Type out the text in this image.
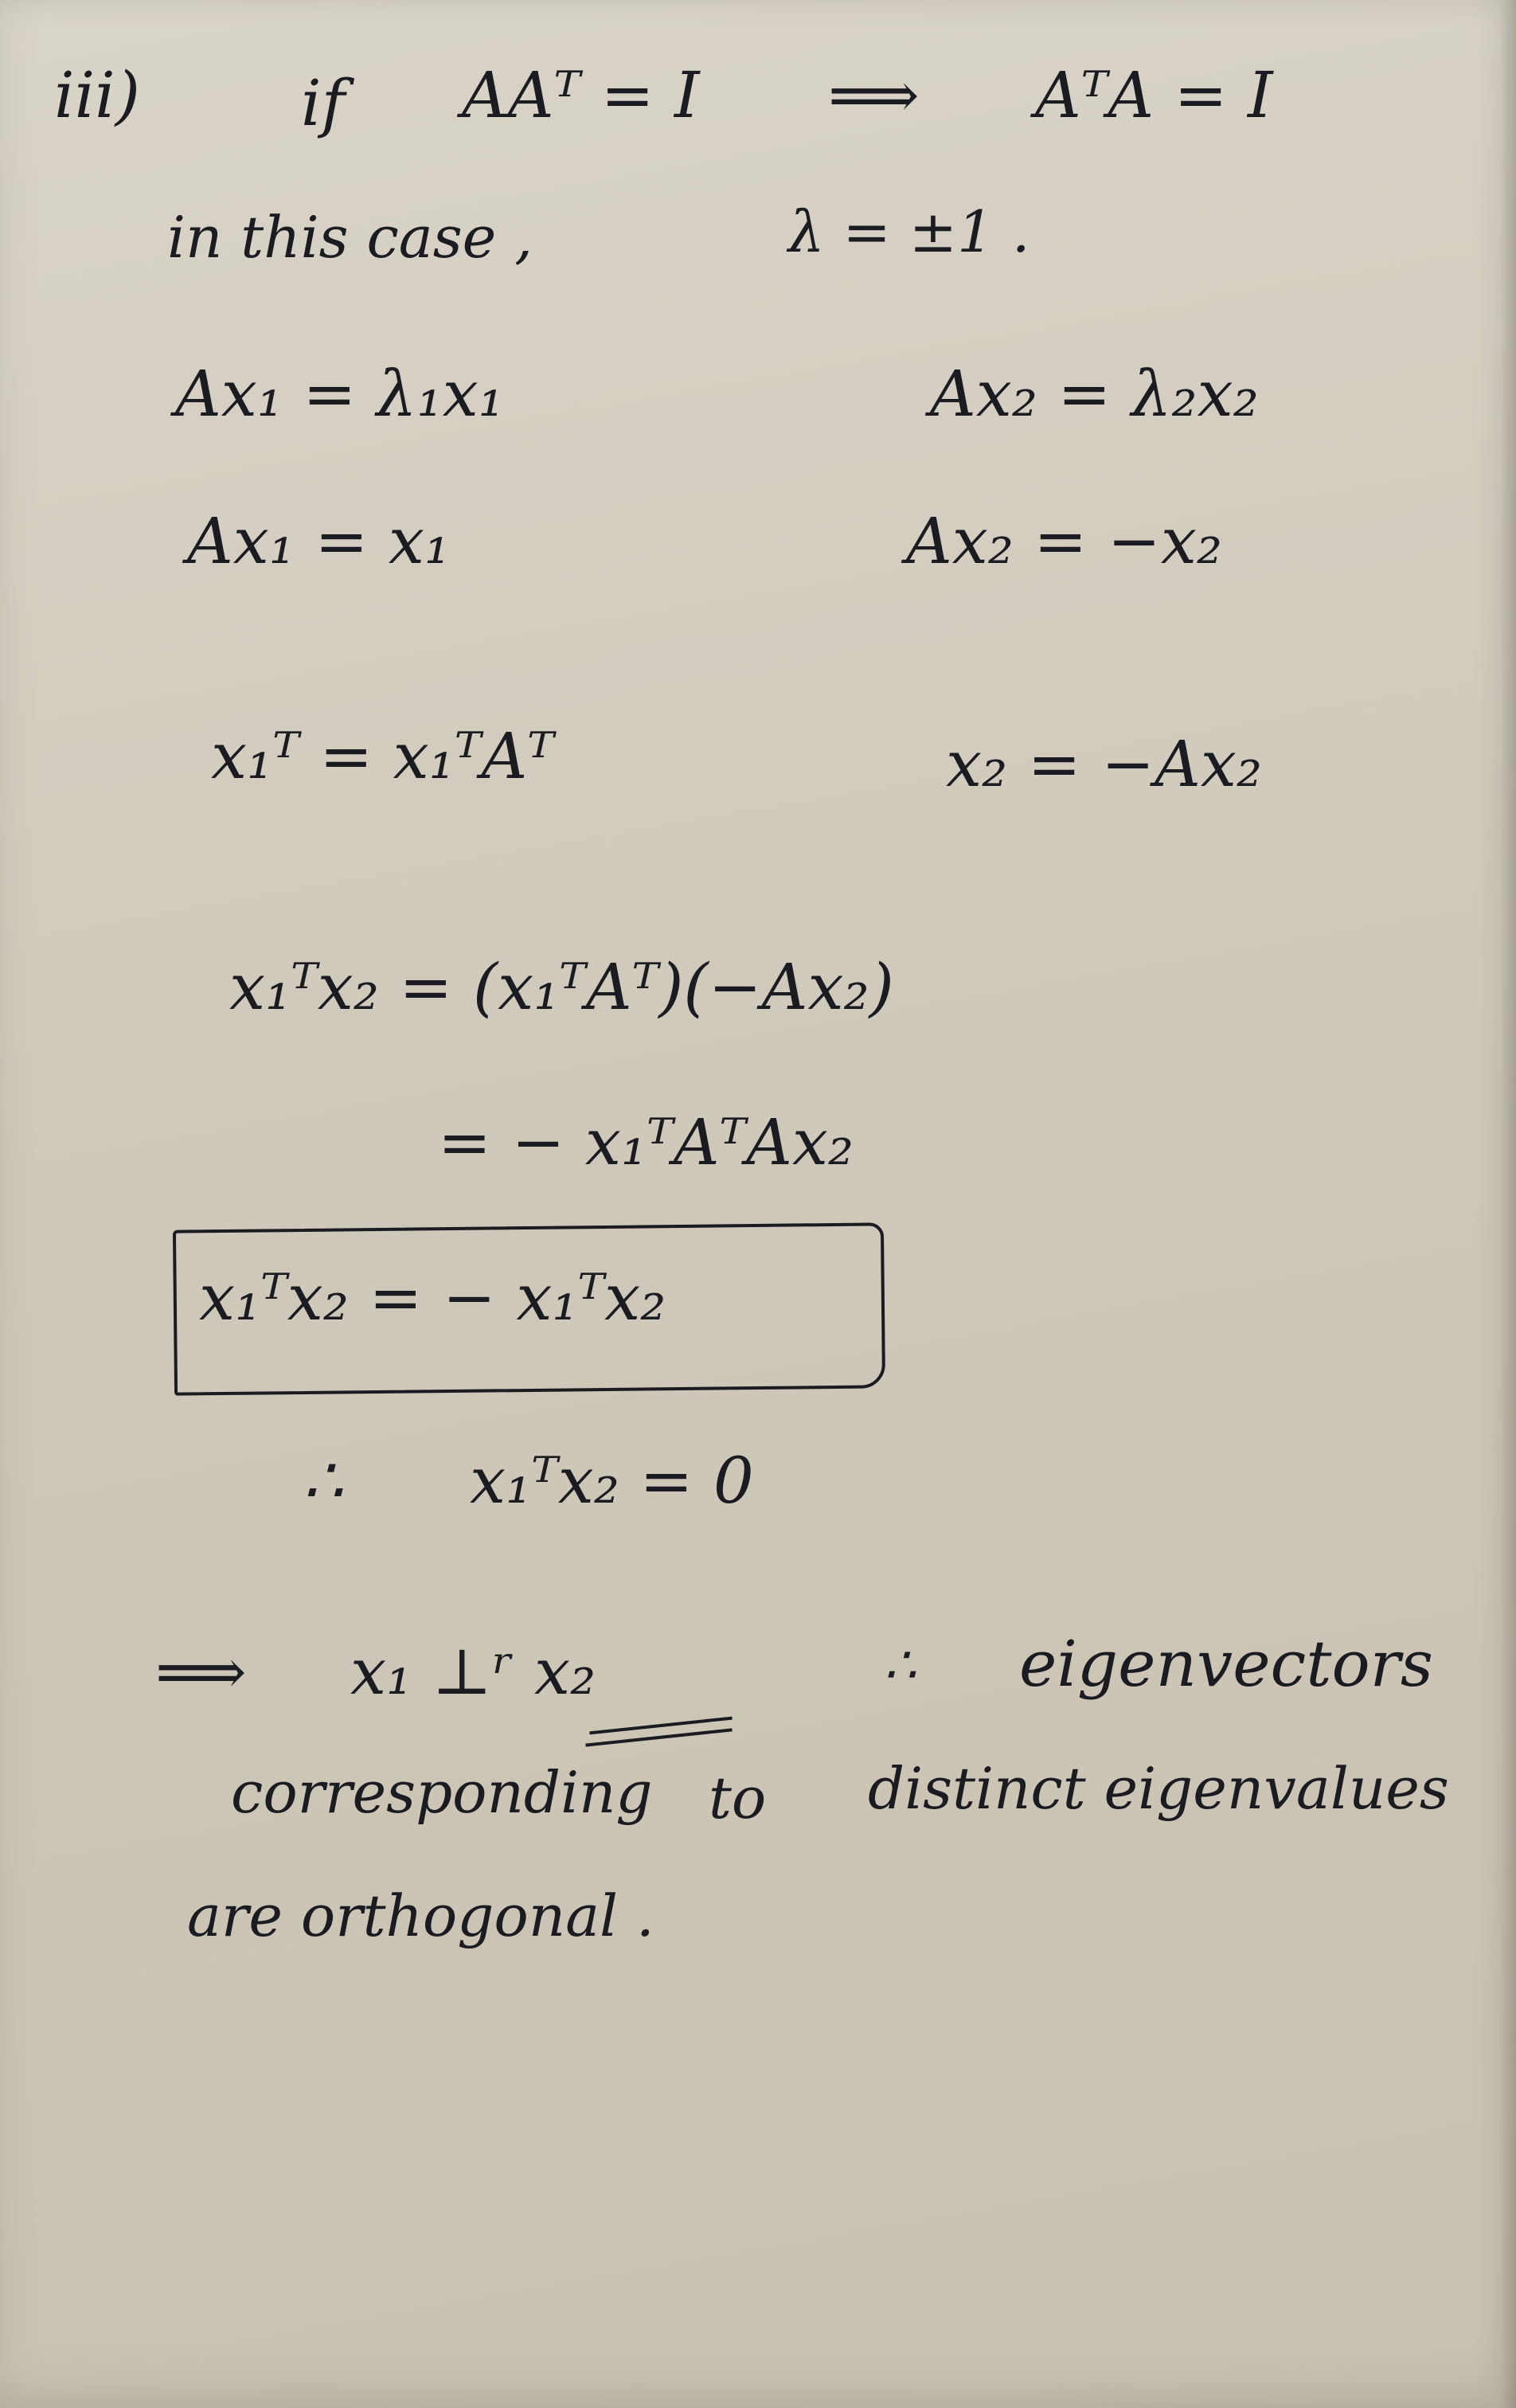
iii)	if AAᵀ = I ⟹ AᵀA = I
in this case ,	λ = ±1 .
Ax₁ = λ₁x₁	Ax₂ = λ₂x₂
Ax₁ = x₁	Ax₂ = −x₂
x₁ᵀ = x₁ᵀAᵀ	x₂ = −Ax₂
x₁ᵀx₂ = (x₁ᵀAᵀ)(−Ax₂)
= − x₁ᵀAᵀAx₂
x₁ᵀx₂ = − x₁ᵀx₂
∴ x₁ᵀx₂ = 0
⟹ x₁ ⊥ʳ x₂	∴ eigenvectors
corresponding to distinct eigenvalues
are orthogonal .
